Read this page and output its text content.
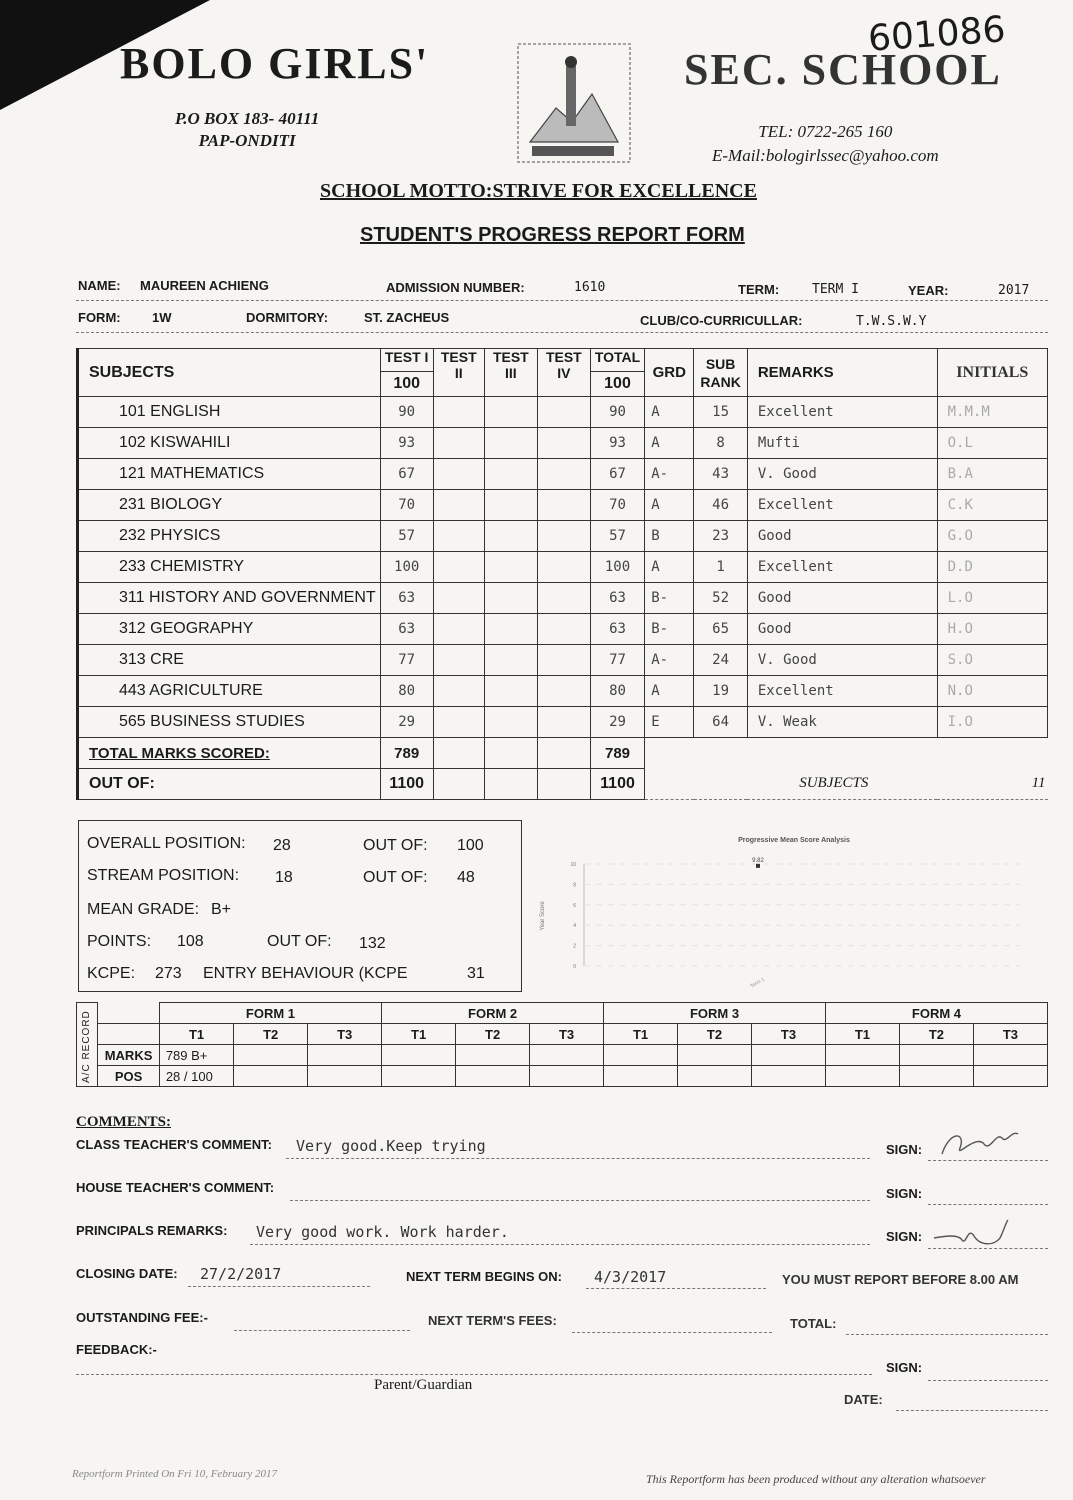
601086
BOLO GIRLS'	SEC. SCHOOL
P.O BOX 183- 40111
PAP-ONDITI	TEL: 0722-265 160
E-Mail:bologirlssec@yahoo.com
SCHOOL MOTTO:STRIVE FOR EXCELLENCE
STUDENT'S PROGRESS REPORT FORM
NAME: MAUREEN ACHIENG	ADMISSION NUMBER:	1610	TERM:	TERM I	YEAR:	2017
FORM: 1W	DORMITORY:	ST. ZACHEUS	CLUB/CO-CURRICULLAR:	T.W.S.W.Y
SUBJECTS	TEST I	TEST II	TEST III	TEST IV	TOTAL	GRD	SUB RANK	REMARKS	INITIALS
	100				100				
101 ENGLISH	90				90	A	15	Excellent	M.M.M
102 KISWAHILI	93				93	A	8	Mufti	O.L
121 MATHEMATICS	67				67	A-	43	V. Good	B.A
231 BIOLOGY	70				70	A	46	Excellent	C.K
232 PHYSICS	57				57	B	23	Good	G.O
233 CHEMISTRY	100				100	A	1	Excellent	D.D
311 HISTORY AND GOVERNMENT	63				63	B-	52	Good	L.O
312 GEOGRAPHY	63				63	B-	65	Good	H.O
313 CRE	77				77	A-	24	V. Good	S.O
443 AGRICULTURE	80				80	A	19	Excellent	N.O
565 BUSINESS STUDIES	29				29	E	64	V. Weak	I.O
TOTAL MARKS SCORED:	789				789				
OUT OF:	1100				1100	SUBJECTS 11			
OVERALL POSITION: 28	OUT OF: 100
STREAM POSITION: 18	OUT OF: 48
MEAN GRADE: B+
POINTS: 108	OUT OF: 132
KCPE: 273 ENTRY BEHAVIOUR (KCPE	31
Progressive Mean Score Analysis
Year Score
10
8
6
4
2
0
9.82
Term 1
A/C RECORD		FORM 1			FORM 2			FORM 3			FORM 4		
		T1	T2	T3	T1	T2	T3	T1	T2	T3	T1	T2	T3
	MARKS	789 B+											
	POS	28 / 100											
COMMENTS:
CLASS TEACHER'S COMMENT: Very good.Keep trying	SIGN:
HOUSE TEACHER'S COMMENT:	SIGN:
PRINCIPALS REMARKS: Very good work. Work harder.	SIGN:
CLOSING DATE: 27/2/2017	NEXT TERM BEGINS ON: 4/3/2017	YOU MUST REPORT BEFORE 8.00 AM
OUTSTANDING FEE:-	NEXT TERM'S FEES:	TOTAL:
FEEDBACK:-
Parent/Guardian
SIGN:
DATE:
Reportform Printed On Fri 10, February 2017	This Reportform has been produced without any alteration whatsoever
